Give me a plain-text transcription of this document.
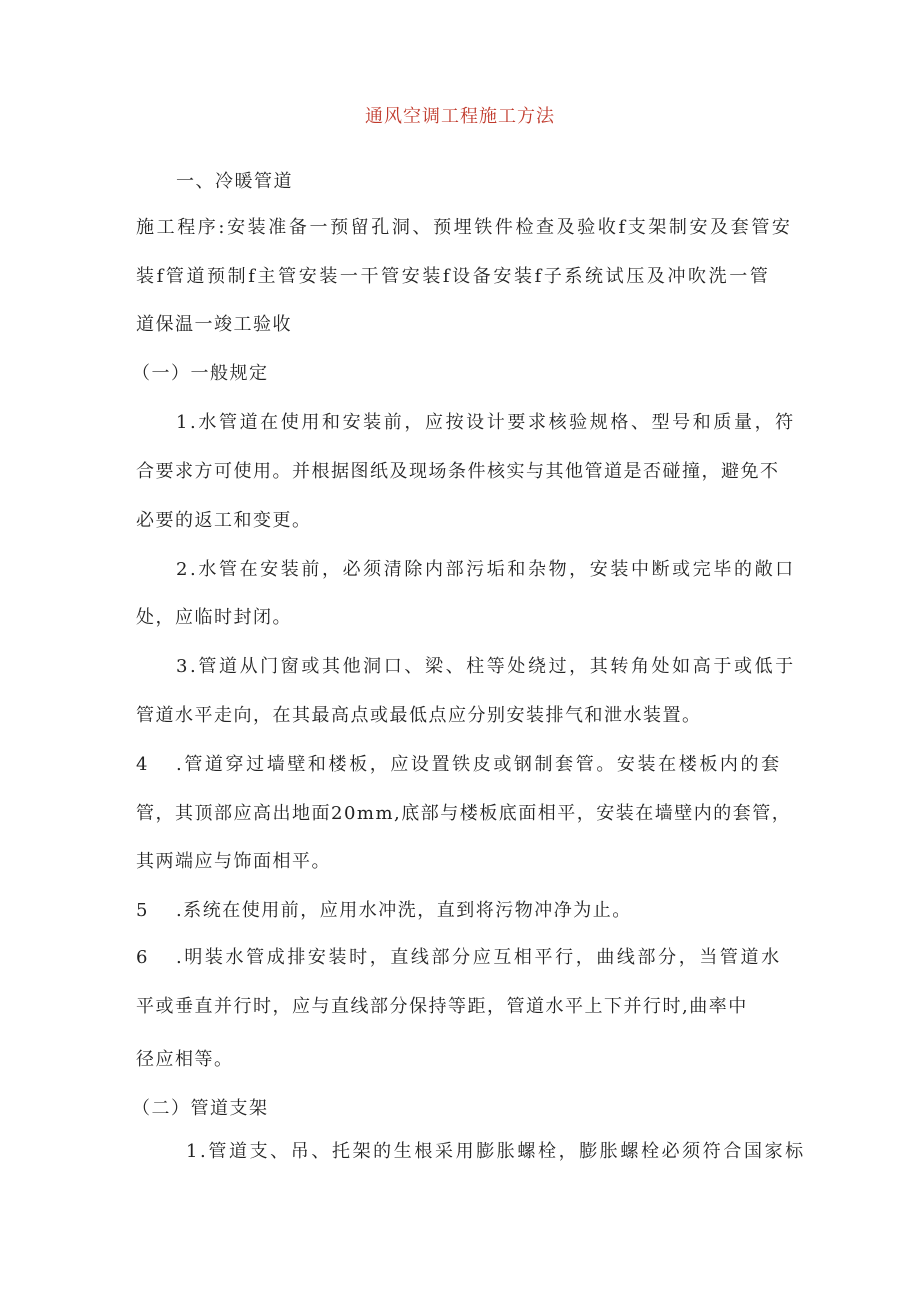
通风空调工程施工方法
一、冷暖管道
施工程序:安装准备一预留孔洞、预埋铁件检查及验收f支架制安及套管安
装f管道预制f主管安装一干管安装f设备安装f子系统试压及冲吹洗一管
道保温一竣工验收
（一）一般规定
1.水管道在使用和安装前，应按设计要求核验规格、型号和质量，符
合要求方可使用。并根据图纸及现场条件核实与其他管道是否碰撞，避免不
必要的返工和变更。
2.水管在安装前，必须清除内部污垢和杂物，安装中断或完毕的敞口
处，应临时封闭。
3.管道从门窗或其他洞口、梁、柱等处绕过，其转角处如高于或低于
管道水平走向，在其最高点或最低点应分别安装排气和泄水装置。
4 .管道穿过墙壁和楼板，应设置铁皮或钢制套管。安装在楼板内的套
管，其顶部应高出地面20mm,底部与楼板底面相平，安装在墙壁内的套管，
其两端应与饰面相平。
5 .系统在使用前，应用水冲洗，直到将污物冲净为止。
6 .明装水管成排安装时，直线部分应互相平行，曲线部分，当管道水
平或垂直并行时，应与直线部分保持等距，管道水平上下并行时,曲率中
径应相等。
（二）管道支架
1.管道支、吊、托架的生根采用膨胀螺栓，膨胀螺栓必须符合国家标
